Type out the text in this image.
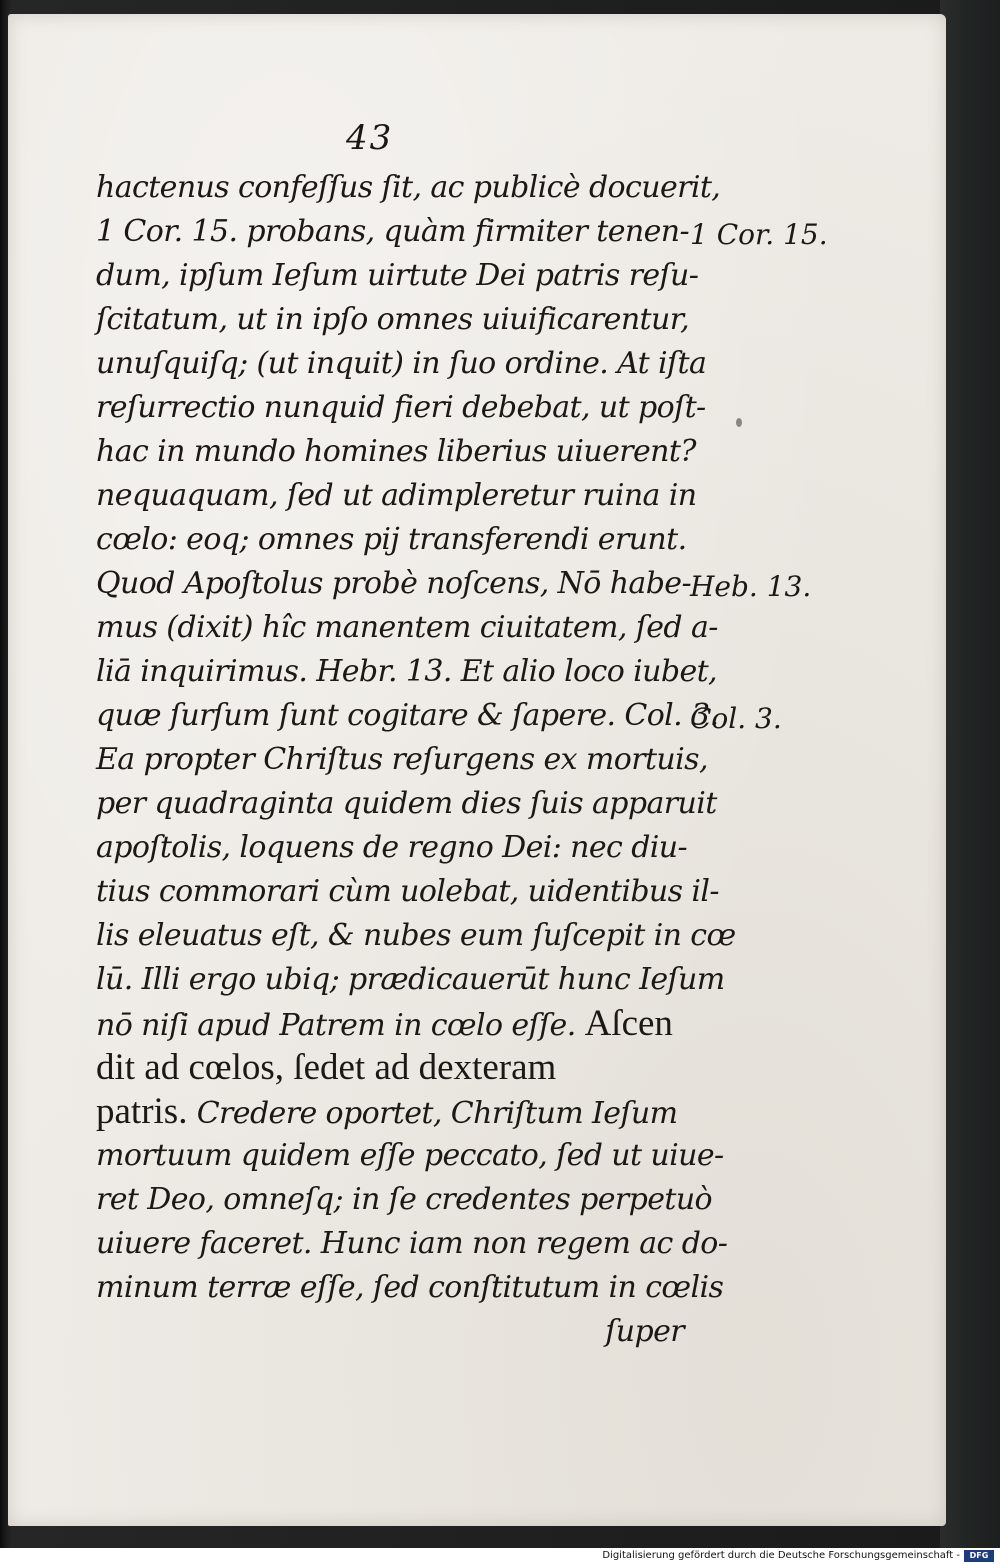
43
hactenus confeſſus ſit, ac publicè docuerit,
1 Cor. 15. probans, quàm firmiter tenen-
dum, ipſum Ieſum uirtute Dei patris reſu-
ſcitatum, ut in ipſo omnes uiuificarentur,
unuſquiſq; (ut inquit) in ſuo ordine. At iſta
reſurrectio nunquid fieri debebat, ut poſt-
hac in mundo homines liberius uiuerent?
nequaquam, ſed ut adimpleretur ruina in
cœlo: eoq; omnes pij transferendi erunt.
Quod Apoſtolus probè noſcens, Nō habe-
mus (dixit) hîc manentem ciuitatem, ſed a-
liā inquirimus. Hebr. 13. Et alio loco iubet,
quæ ſurſum ſunt cogitare & ſapere. Col. 3.
Ea propter Chriſtus reſurgens ex mortuis,
per quadraginta quidem dies ſuis apparuit
apoſtolis, loquens de regno Dei: nec diu-
tius commorari cùm uolebat, uidentibus il-
lis eleuatus eſt, & nubes eum ſuſcepit in cœ
lū. Illi ergo ubiq; prædicauerūt hunc Ieſum
nō niſi apud Patrem in cœlo eſſe. Aſcen
dit ad cœlos, ſedet ad dexteram
patris. Credere oportet, Chriſtum Ieſum
mortuum quidem eſſe peccato, ſed ut uiue-
ret Deo, omneſq; in ſe credentes perpetuò
uiuere faceret. Hunc iam non regem ac do-
minum terræ eſſe, ſed conſtitutum in cœlis
ſuper
1 Cor. 15.
Heb. 13.
Col. 3.
Digitalisierung gefördert durch die Deutsche Forschungsgemeinschaft -	DFG
